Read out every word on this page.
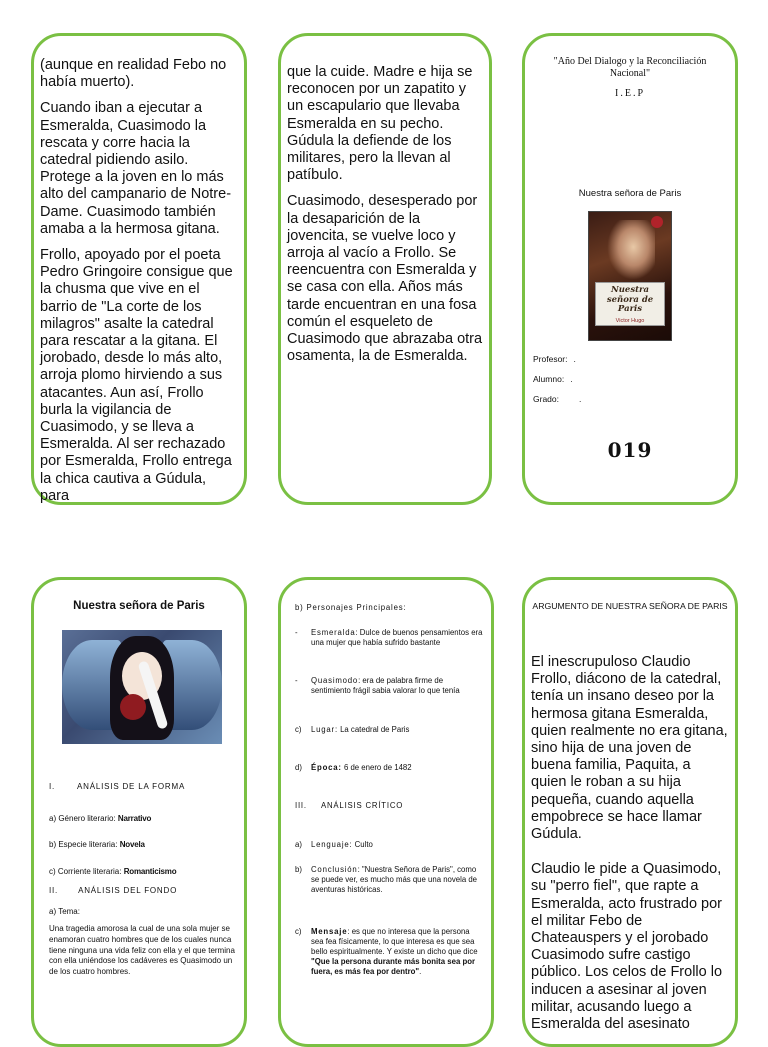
(aunque en realidad Febo no había muerto).

Cuando iban a ejecutar a Esmeralda, Cuasimodo la rescata y corre hacia la catedral pidiendo asilo. Protege a la joven en lo más alto del campanario de Notre-Dame. Cuasimodo también amaba a la hermosa gitana.

Frollo, apoyado por el poeta Pedro Gringoire consigue que la chusma que vive en el barrio de "La corte de los milagros" asalte la catedral para rescatar a la gitana. El jorobado, desde lo más alto, arroja plomo hirviendo a sus atacantes. Aun así, Frollo burla la vigilancia de Cuasimodo, y se lleva a Esmeralda. Al ser rechazado por Esmeralda, Frollo entrega la chica cautiva a Gúdula, para

que la cuide. Madre e hija se reconocen por un zapatito y un escapulario que llevaba Esmeralda en su pecho. Gúdula la defiende de los militares, pero la llevan al patíbulo.

Cuasimodo, desesperado por la desaparición de la jovencita, se vuelve loco y arroja al vacío a Frollo. Se reencuentra con Esmeralda y se casa con ella. Años más tarde encuentran en una fosa común el esqueleto de Cuasimodo que abrazaba otra osamenta, la de Esmeralda.

"Año Del Dialogo y la Reconciliación Nacional"
I.E.P
Nuestra señora de Paris
Nuestra señora de Paris
Victor Hugo
Profesor: .
Alumno: .
Grado: .
019
Nuestra señora de Paris
I.	ANÁLISIS DE LA FORMA
a) Género literario: Narrativo
b) Especie literaria: Novela
c) Corriente literaria: Romanticismo
II.	ANÁLISIS DEL FONDO
a) Tema:
Una tragedia amorosa la cual de una sola mujer se enamoran cuatro hombres que de los cuales nunca tiene ninguna una vida feliz con ella y el que termina con ella uniéndose los cadáveres es Quasimodo un de los cuatro hombres.
b) Personajes Principales:
-	Esmeralda: Dulce de buenos pensamientos era una mujer que había sufrido bastante
-	Quasimodo: era de palabra firme de sentimiento frágil sabia valorar lo que tenía
c)	Lugar: La catedral de Paris
d)	Época: 6 de enero de 1482
III.	ANÁLISIS CRÍTICO
a)	Lenguaje: Culto
b)	Conclusión: "Nuestra Señora de Paris", como se puede ver, es mucho más que una novela de aventuras históricas.
c)	Mensaje: es que no interesa que la persona sea fea físicamente, lo que interesa es que sea bello espiritualmente. Y existe un dicho que dice "Que la persona durante más bonita sea por fuera, es más fea por dentro".
ARGUMENTO DE NUESTRA SEÑORA DE PARIS

El inescrupuloso Claudio Frollo, diácono de la catedral, tenía un insano deseo por la hermosa gitana Esmeralda, quien realmente no era gitana, sino hija de una joven de buena familia, Paquita, a quien le roban a su hija pequeña, cuando aquella empobrece se hace llamar Gúdula.

Claudio le pide a Quasimodo, su "perro fiel", que rapte a Esmeralda, acto frustrado por el militar Febo de Chateauspers y el jorobado Cuasimodo sufre castigo público. Los celos de Frollo lo inducen a asesinar al joven militar, acusando luego a Esmeralda del asesinato
